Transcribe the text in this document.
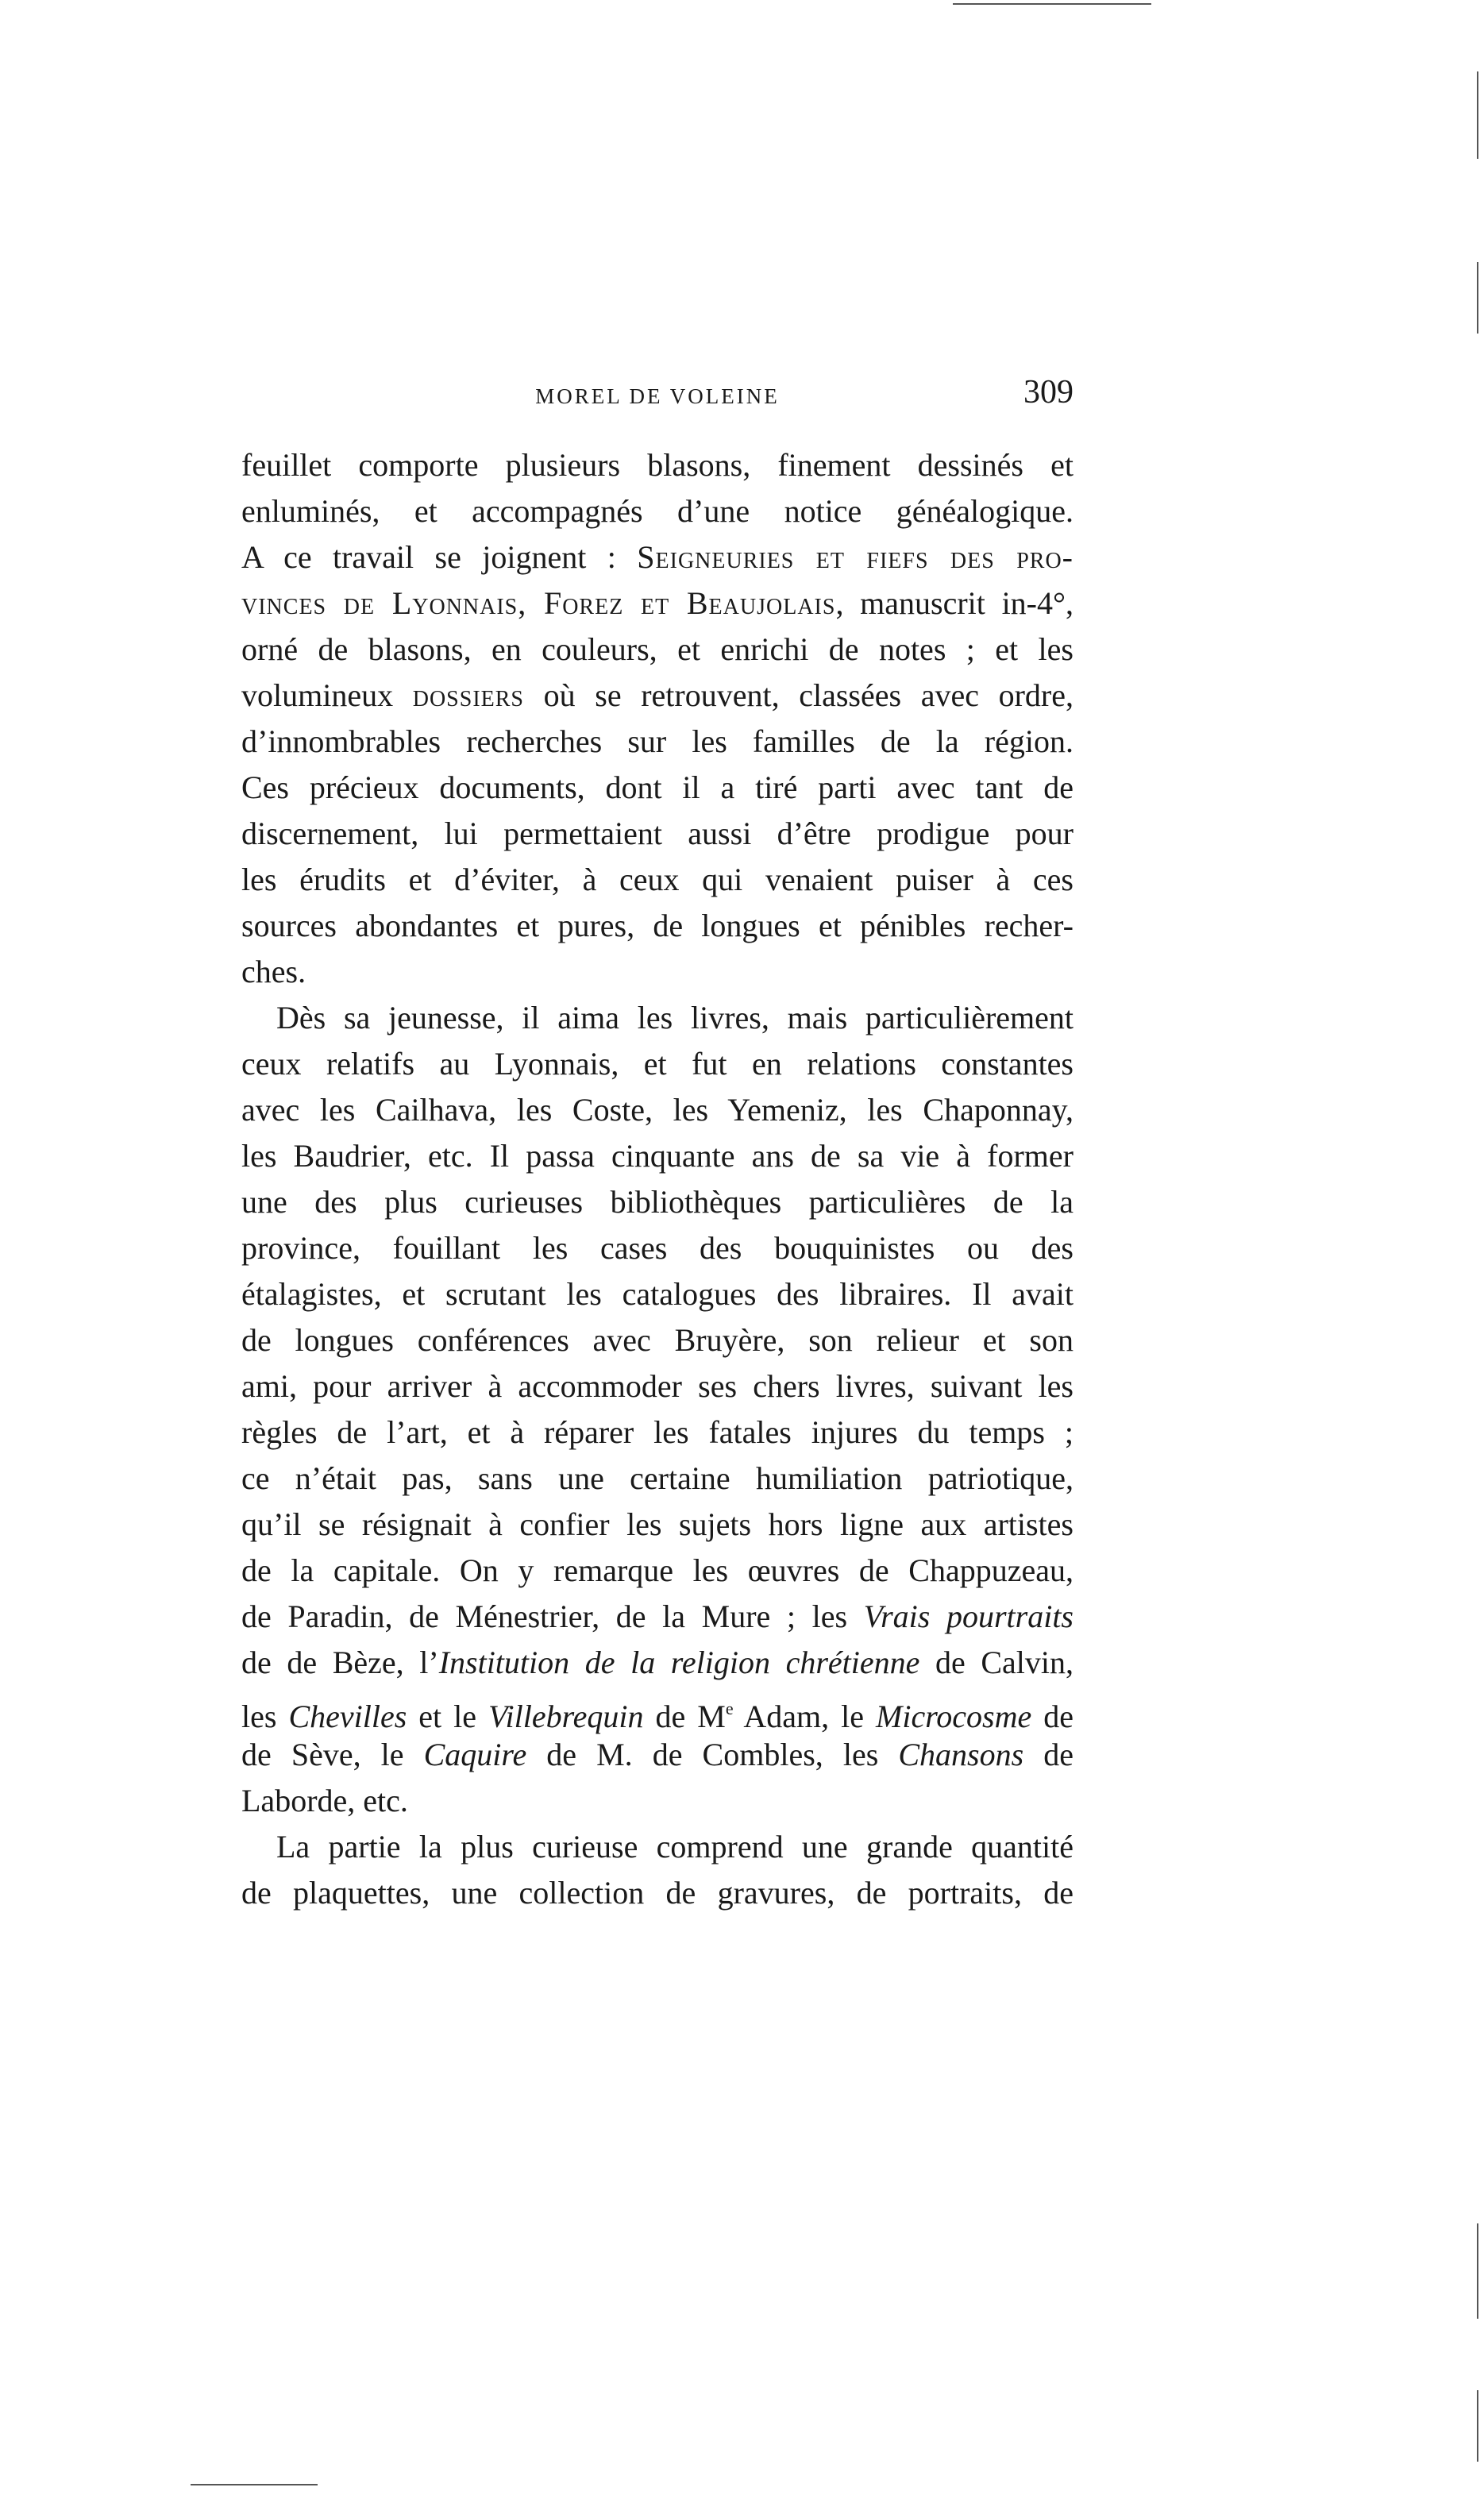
MOREL DE VOLEINE	309
feuillet comporte plusieurs blasons, finement dessinés et
enluminés, et accompagnés d’une notice généalogique.
A ce travail se joignent : Seigneuries et fiefs des pro-
vinces de Lyonnais, Forez et Beaujolais, manuscrit in-4°,
orné de blasons, en couleurs, et enrichi de notes ; et les
volumineux dossiers où se retrouvent, classées avec ordre,
d’innombrables recherches sur les familles de la région.
Ces précieux documents, dont il a tiré parti avec tant de
discernement, lui permettaient aussi d’être prodigue pour
les érudits et d’éviter, à ceux qui venaient puiser à ces
sources abondantes et pures, de longues et pénibles recher-
ches.
Dès sa jeunesse, il aima les livres, mais particulièrement
ceux relatifs au Lyonnais, et fut en relations constantes
avec les Cailhava, les Coste, les Yemeniz, les Chaponnay,
les Baudrier, etc. Il passa cinquante ans de sa vie à former
une des plus curieuses bibliothèques particulières de la
province, fouillant les cases des bouquinistes ou des
étalagistes, et scrutant les catalogues des libraires. Il avait
de longues conférences avec Bruyère, son relieur et son
ami, pour arriver à accommoder ses chers livres, suivant les
règles de l’art, et à réparer les fatales injures du temps ;
ce n’était pas, sans une certaine humiliation patriotique,
qu’il se résignait à confier les sujets hors ligne aux artistes
de la capitale. On y remarque les œuvres de Chappuzeau,
de Paradin, de Ménestrier, de la Mure ; les Vrais pourtraits
de de Bèze, l’Institution de la religion chrétienne de Calvin,
les Chevilles et le Villebrequin de Me Adam, le Microcosme de
de Sève, le Caquire de M. de Combles, les Chansons de
Laborde, etc.
La partie la plus curieuse comprend une grande quantité
de plaquettes, une collection de gravures, de portraits, de
